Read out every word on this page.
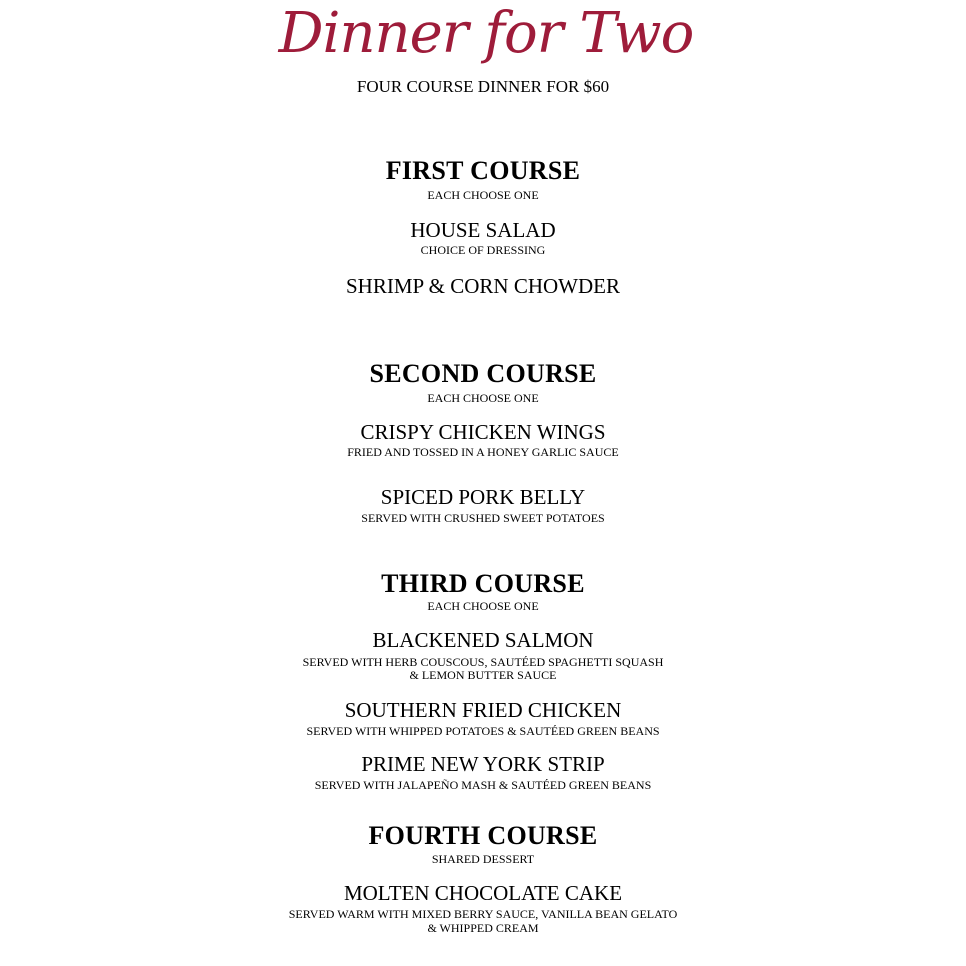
Dinner for Two
FOUR COURSE DINNER FOR $60
FIRST COURSE
EACH CHOOSE ONE
HOUSE SALAD
CHOICE OF DRESSING
SHRIMP & CORN CHOWDER
SECOND COURSE
EACH CHOOSE ONE
CRISPY CHICKEN WINGS
FRIED AND TOSSED IN A HONEY GARLIC SAUCE
SPICED PORK BELLY
SERVED WITH CRUSHED SWEET POTATOES
THIRD COURSE
EACH CHOOSE ONE
BLACKENED SALMON
SERVED WITH HERB COUSCOUS, SAUTÉED SPAGHETTI SQUASH
& LEMON BUTTER SAUCE
SOUTHERN FRIED CHICKEN
SERVED WITH WHIPPED POTATOES & SAUTÉED GREEN BEANS
PRIME NEW YORK STRIP
SERVED WITH JALAPEÑO MASH & SAUTÉED GREEN BEANS
FOURTH COURSE
SHARED DESSERT
MOLTEN CHOCOLATE CAKE
SERVED WARM WITH MIXED BERRY SAUCE, VANILLA BEAN GELATO
& WHIPPED CREAM
